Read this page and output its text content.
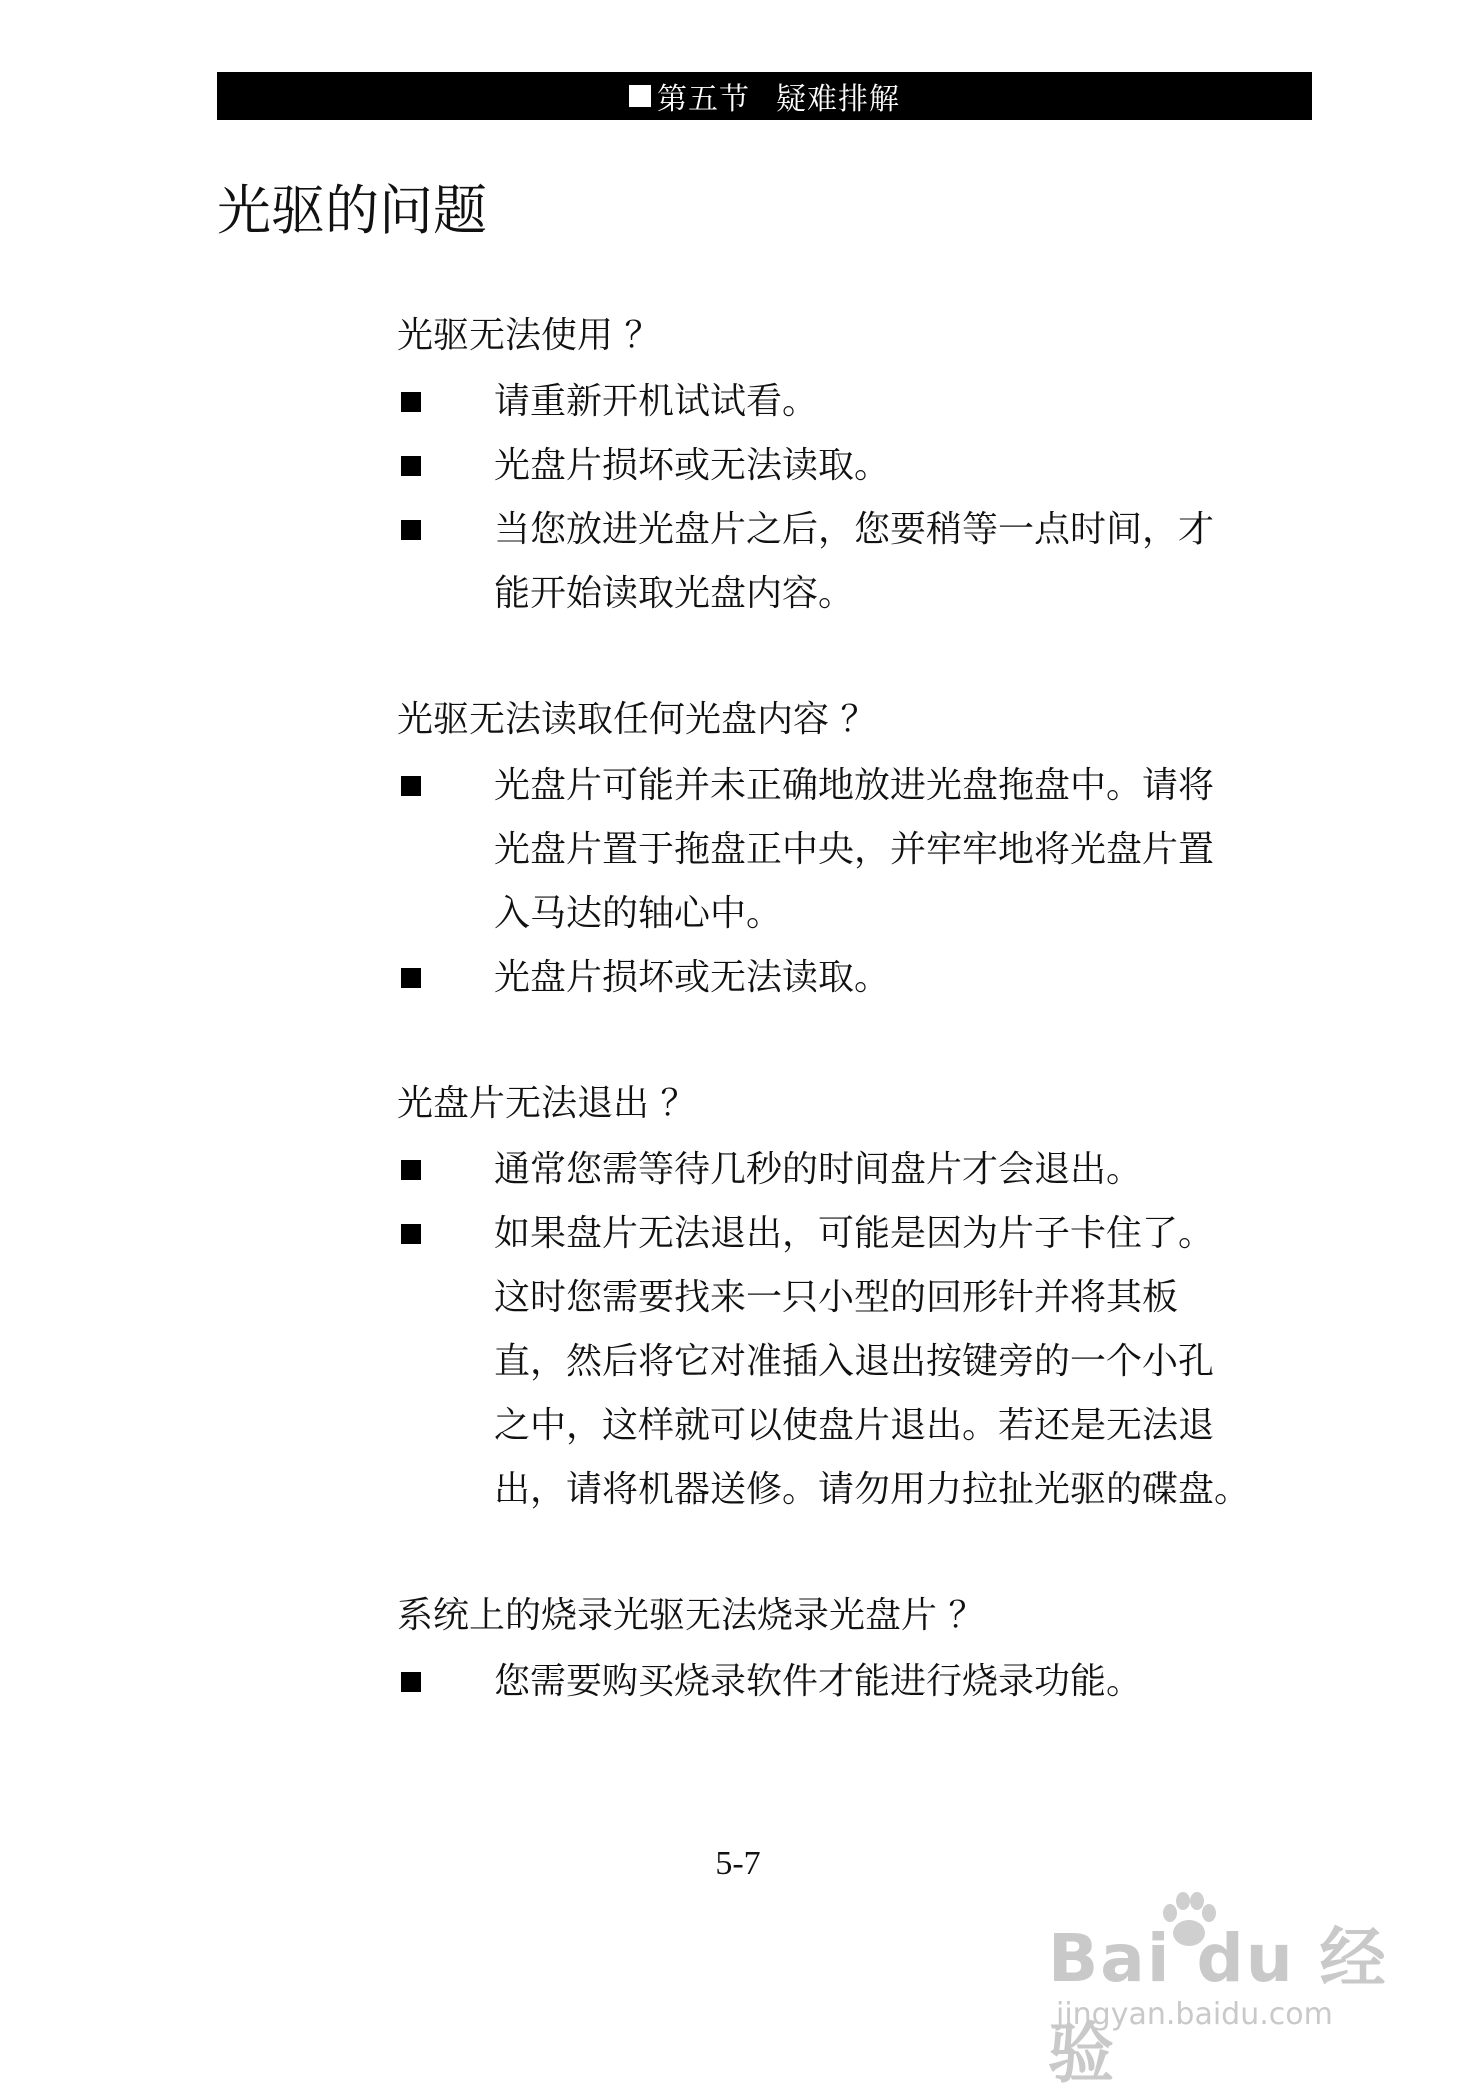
第五节 疑难排解
光驱的问题
光驱无法使用 ？
请重新开机试试看。
光盘片损坏或无法读取。
当您放进光盘片之后，您要稍等一点时间，才
能开始读取光盘内容。
光驱无法读取任何光盘内容 ？
光盘片可能并未正确地放进光盘拖盘中。请将
光盘片置于拖盘正中央，并牢牢地将光盘片置
入马达的轴心中。
光盘片损坏或无法读取。
光盘片无法退出 ？
通常您需等待几秒的时间盘片才会退出。
如果盘片无法退出，可能是因为片子卡住了。
这时您需要找来一只小型的回形针并将其板
直，然后将它对准插入退出按键旁的一个小孔
之中，这样就可以使盘片退出。若还是无法退
出，请将机器送修。请勿用力拉扯光驱的碟盘。
系统上的烧录光驱无法烧录光盘片 ？
您需要购买烧录软件才能进行烧录功能。
5-7
Bai du 经验
jingyan.baidu.com
